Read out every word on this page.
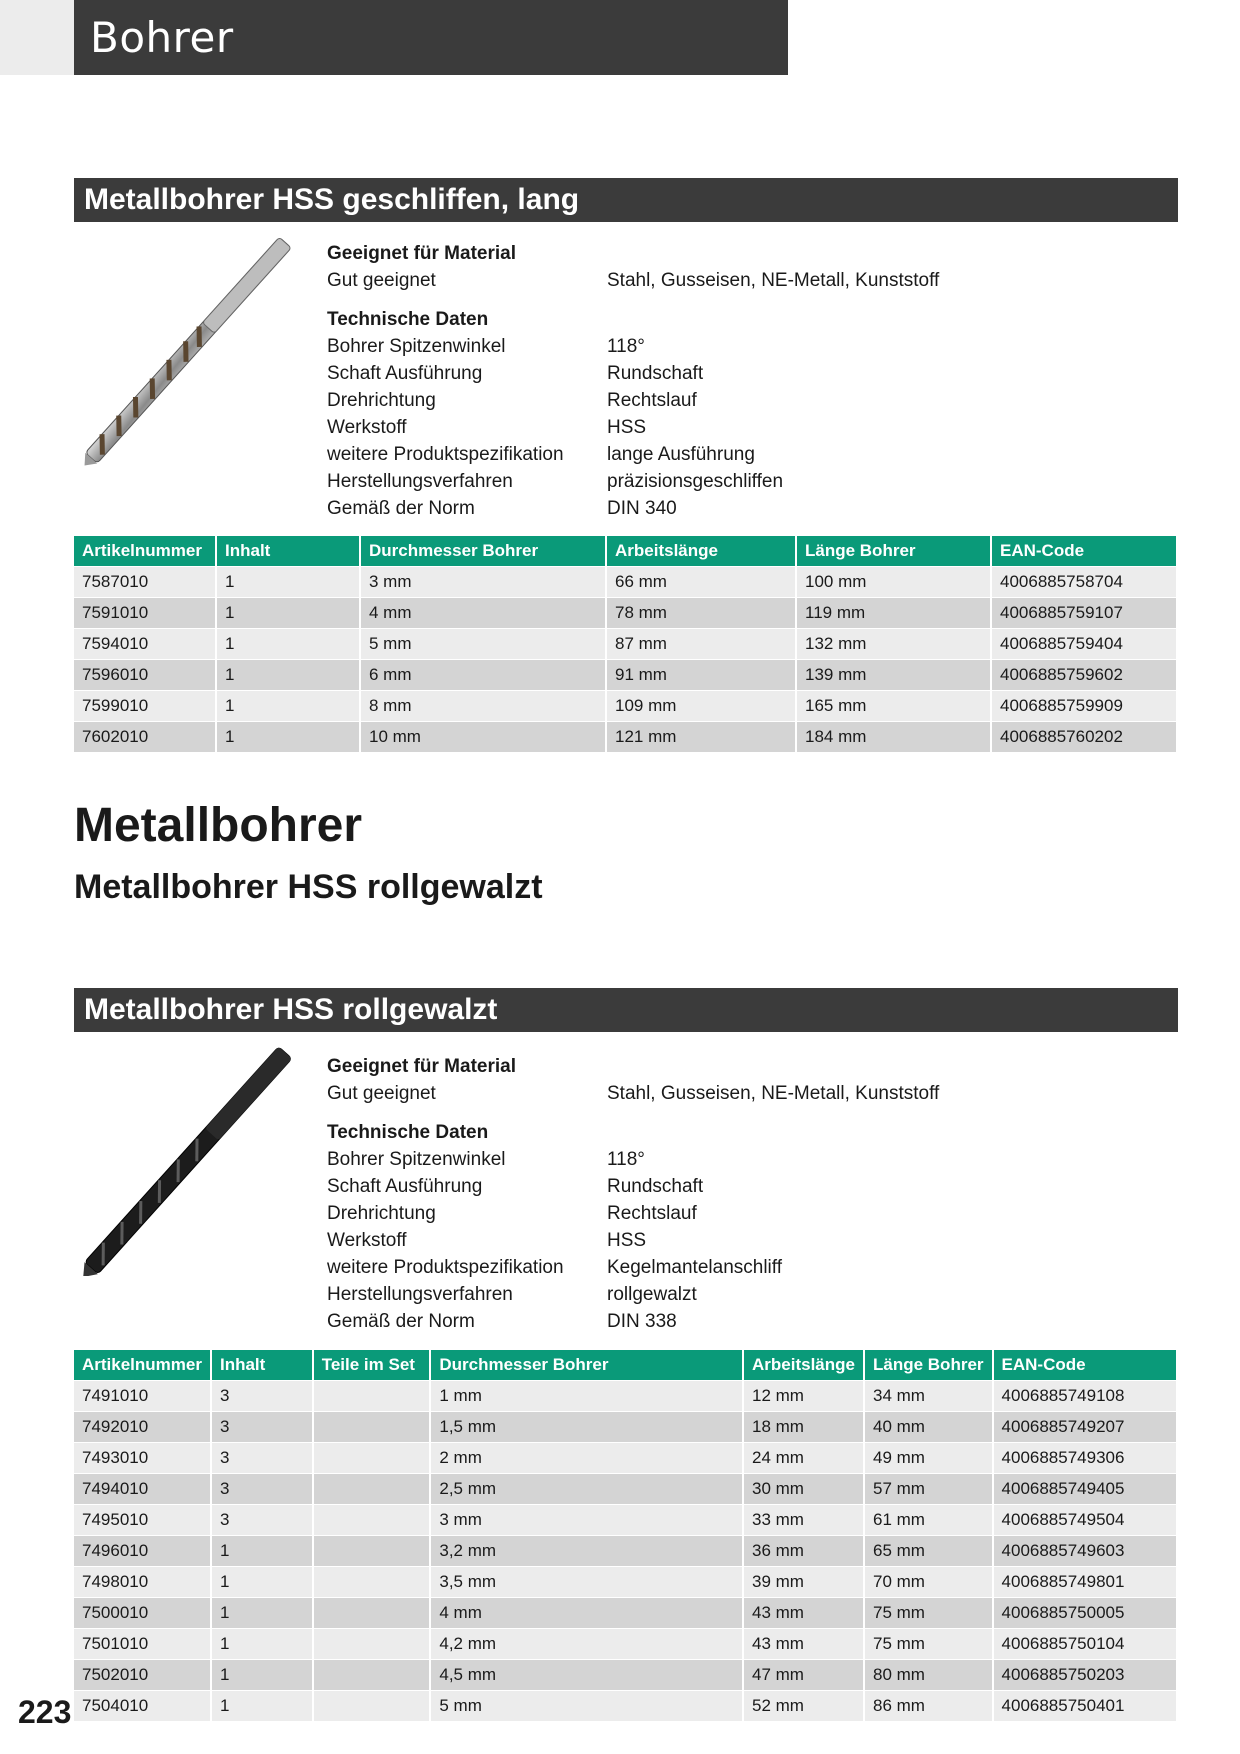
Bohrer
Metallbohrer HSS geschliffen, lang
Geeignet für Material
Gut geeignet	Stahl, Gusseisen, NE-Metall, Kunststoff
Technische Daten
Bohrer Spitzenwinkel	118°
Schaft Ausführung	Rundschaft
Drehrichtung	Rechtslauf
Werkstoff	HSS
weitere Produktspezifikation	lange Ausführung
Herstellungsverfahren	präzisionsgeschliffen
Gemäß der Norm	DIN 340
Artikelnummer	Inhalt	Durchmesser Bohrer	Arbeitslänge	Länge Bohrer	EAN-Code
7587010	1	3 mm	66 mm	100 mm	4006885758704
7591010	1	4 mm	78 mm	119 mm	4006885759107
7594010	1	5 mm	87 mm	132 mm	4006885759404
7596010	1	6 mm	91 mm	139 mm	4006885759602
7599010	1	8 mm	109 mm	165 mm	4006885759909
7602010	1	10 mm	121 mm	184 mm	4006885760202
Metallbohrer
Metallbohrer HSS rollgewalzt
Metallbohrer HSS rollgewalzt
Geeignet für Material
Gut geeignet	Stahl, Gusseisen, NE-Metall, Kunststoff
Technische Daten
Bohrer Spitzenwinkel	118°
Schaft Ausführung	Rundschaft
Drehrichtung	Rechtslauf
Werkstoff	HSS
weitere Produktspezifikation	Kegelmantelanschliff
Herstellungsverfahren	rollgewalzt
Gemäß der Norm	DIN 338
Artikelnummer	Inhalt	Teile im Set	Durchmesser Bohrer	Arbeitslänge	Länge Bohrer	EAN-Code
7491010	3		1 mm	12 mm	34 mm	4006885749108
7492010	3		1,5 mm	18 mm	40 mm	4006885749207
7493010	3		2 mm	24 mm	49 mm	4006885749306
7494010	3		2,5 mm	30 mm	57 mm	4006885749405
7495010	3		3 mm	33 mm	61 mm	4006885749504
7496010	1		3,2 mm	36 mm	65 mm	4006885749603
7498010	1		3,5 mm	39 mm	70 mm	4006885749801
7500010	1		4 mm	43 mm	75 mm	4006885750005
7501010	1		4,2 mm	43 mm	75 mm	4006885750104
7502010	1		4,5 mm	47 mm	80 mm	4006885750203
7504010	1		5 mm	52 mm	86 mm	4006885750401
223
